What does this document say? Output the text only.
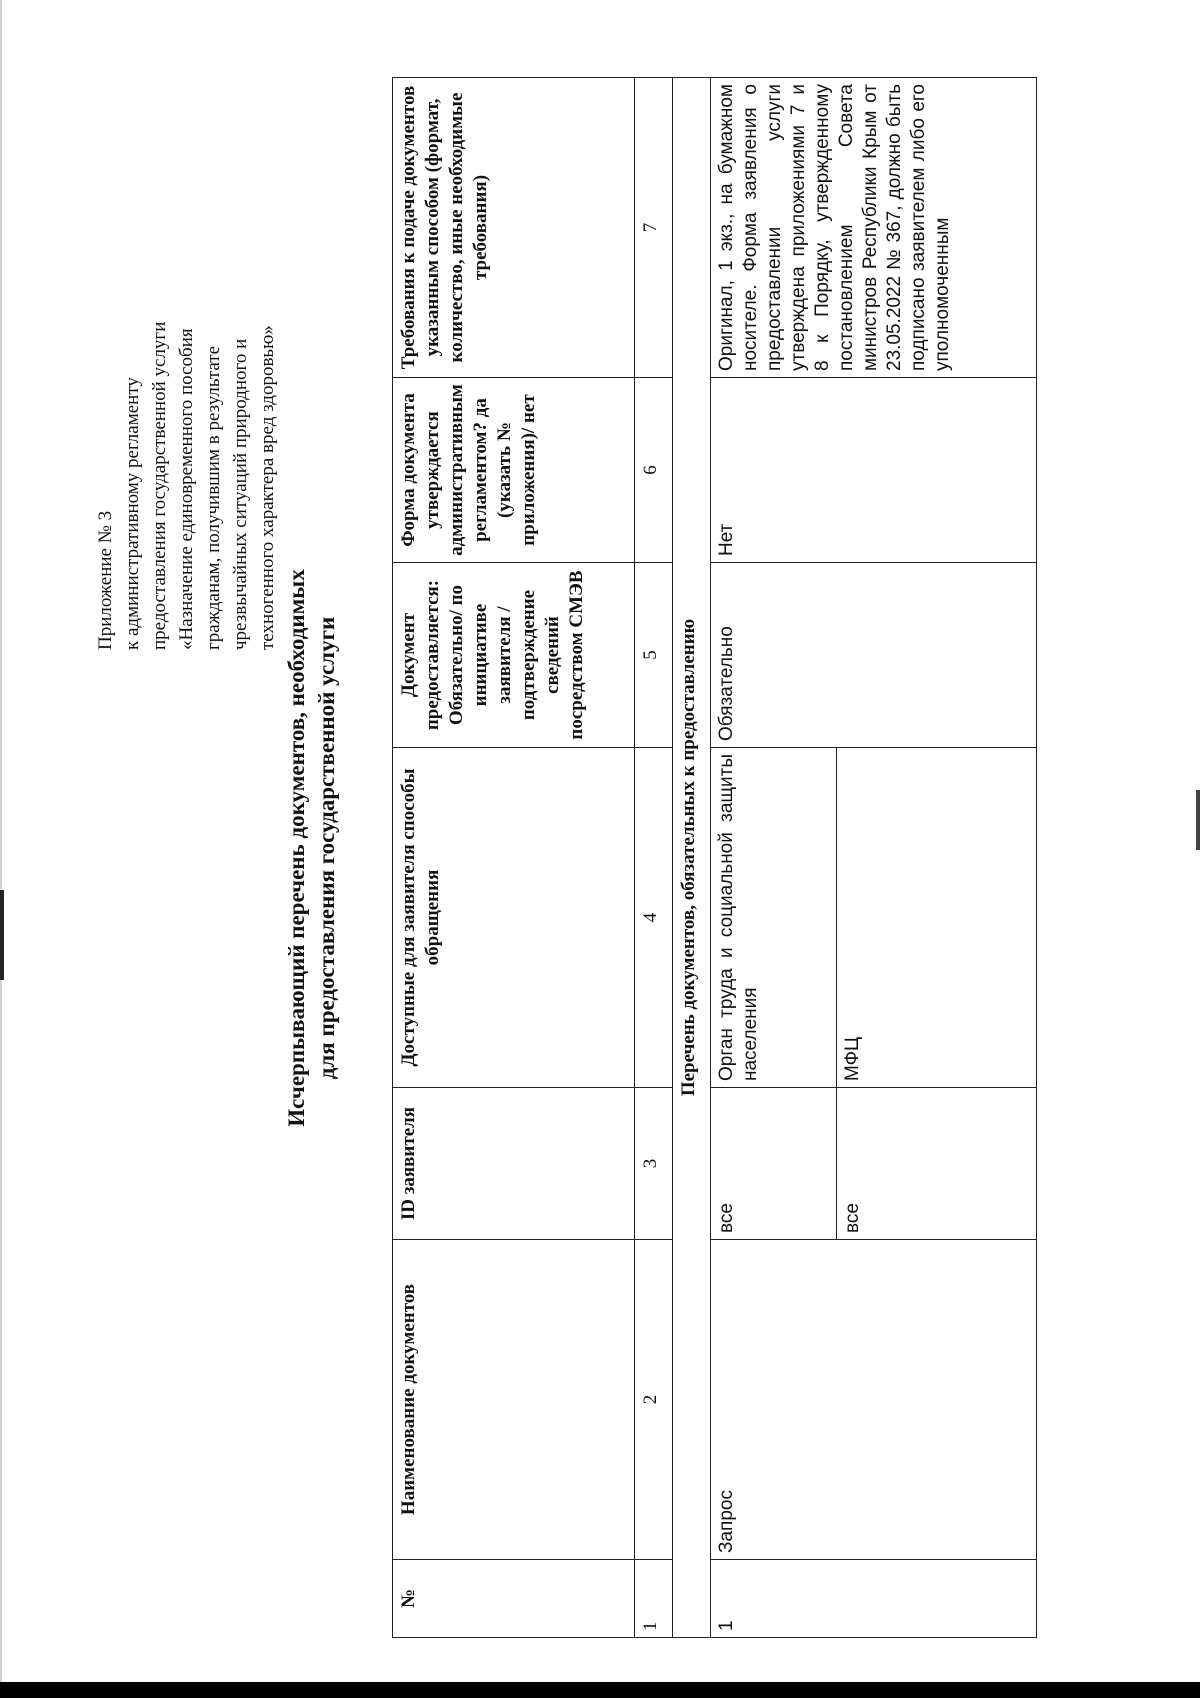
Приложение № 3 к административному регламенту предоставления государственной услуги «Назначение единовременного пособия гражданам, получившим в результате чрезвычайных ситуаций природного и техногенного характера вред здоровью»
Исчерпывающий перечень документов, необходимых для предоставления государственной услуги
№	Наименование документов	ID заявителя	Доступные для заявителя способы обращения	Документ предоставляется: Обязательно/ по инициативе заявителя /подтверждение сведений посредством СМЭВ	Форма документа утверждается административным регламентом? да (указать № приложения)/ нет	Требования к подаче документов указанным способом (формат, количество, иные необходимые требования)
1	2	3	4	5	6	7
Перечень документов, обязательных к предоставлению						
1	Запрос	все	Орган труда и социальной защиты населения	Обязательно	Нет	Оригинал, 1 экз., на бумажном носителе. Форма заявления о предоставлении услуги утверждена приложениями 7 и 8 к Порядку, утвержденному постановлением Совета министров Республики Крым от 23.05.2022 № 367, должно быть подписано заявителем либо его уполномоченным
		все	МФЦ			
